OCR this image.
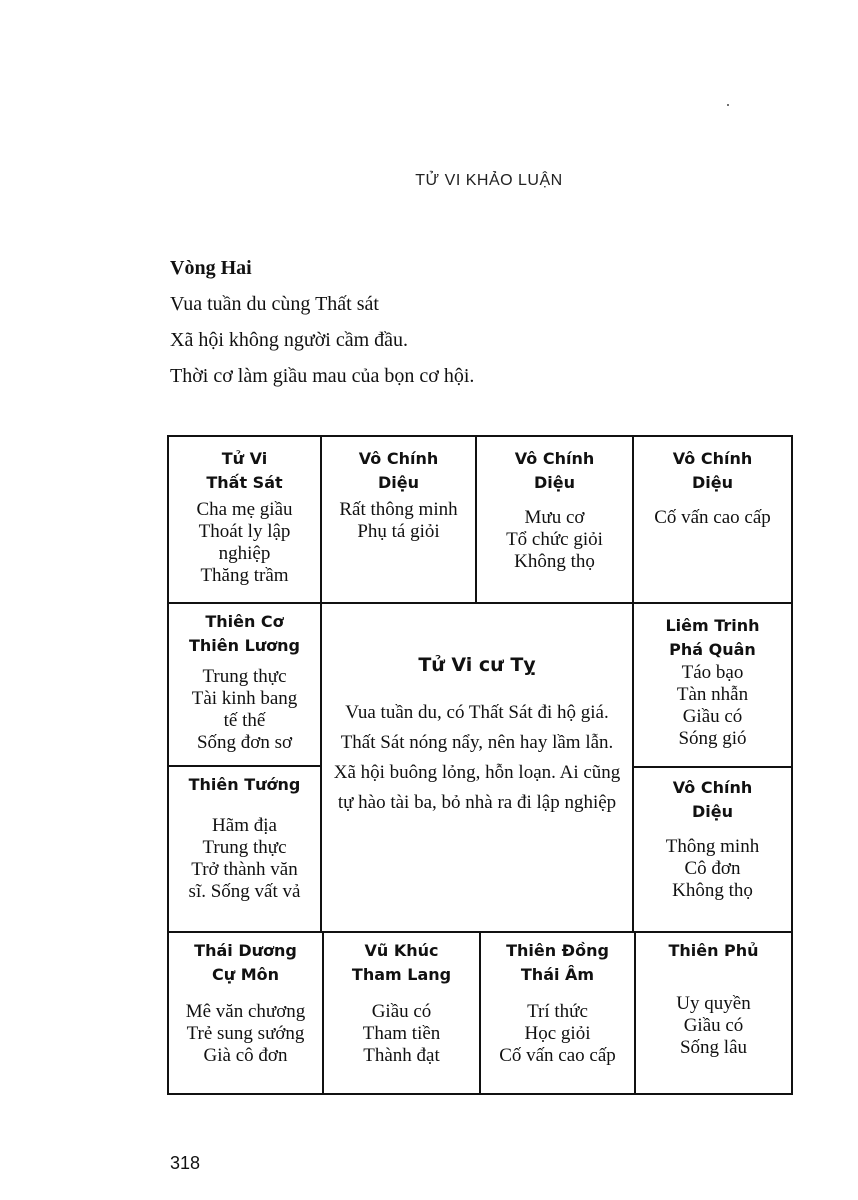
TỬ VI KHẢO LUẬN
Vòng Hai
Vua tuần du cùng Thất sát
Xã hội không người cầm đầu.
Thời cơ làm giầu mau của bọn cơ hội.
Tử Vi
Thất Sát
Cha mẹ giầu
Thoát ly lập
nghiệp
Thăng trầm
Vô Chính
Diệu
Rất thông minh
Phụ tá giỏi
Vô Chính
Diệu
Mưu cơ
Tổ chức giỏi
Không thọ
Vô Chính
Diệu
Cố vấn cao cấp
Thiên Cơ
Thiên Lương
Trung thực
Tài kinh bang
tế thế
Sống đơn sơ
Thiên Tướng
Hãm địa
Trung thực
Trở thành văn
sĩ. Sống vất vả
Tử Vi cư Tỵ
Vua tuần du, có Thất Sát đi hộ giá. Thất Sát nóng nẩy, nên hay lầm lẫn. Xã hội buông lỏng, hỗn loạn. Ai cũng tự hào tài ba, bỏ nhà ra đi lập nghiệp
Liêm Trinh
Phá Quân
Táo bạo
Tàn nhẫn
Giầu có
Sóng gió
Vô Chính
Diệu
Thông minh
Cô đơn
Không thọ
Thái Dương
Cự Môn
Mê văn chương
Trẻ sung sướng
Già cô đơn
Vũ Khúc
Tham Lang
Giầu có
Tham tiền
Thành đạt
Thiên Đồng
Thái Âm
Trí thức
Học giỏi
Cố vấn cao cấp
Thiên Phủ
Uy quyền
Giầu có
Sống lâu
318
